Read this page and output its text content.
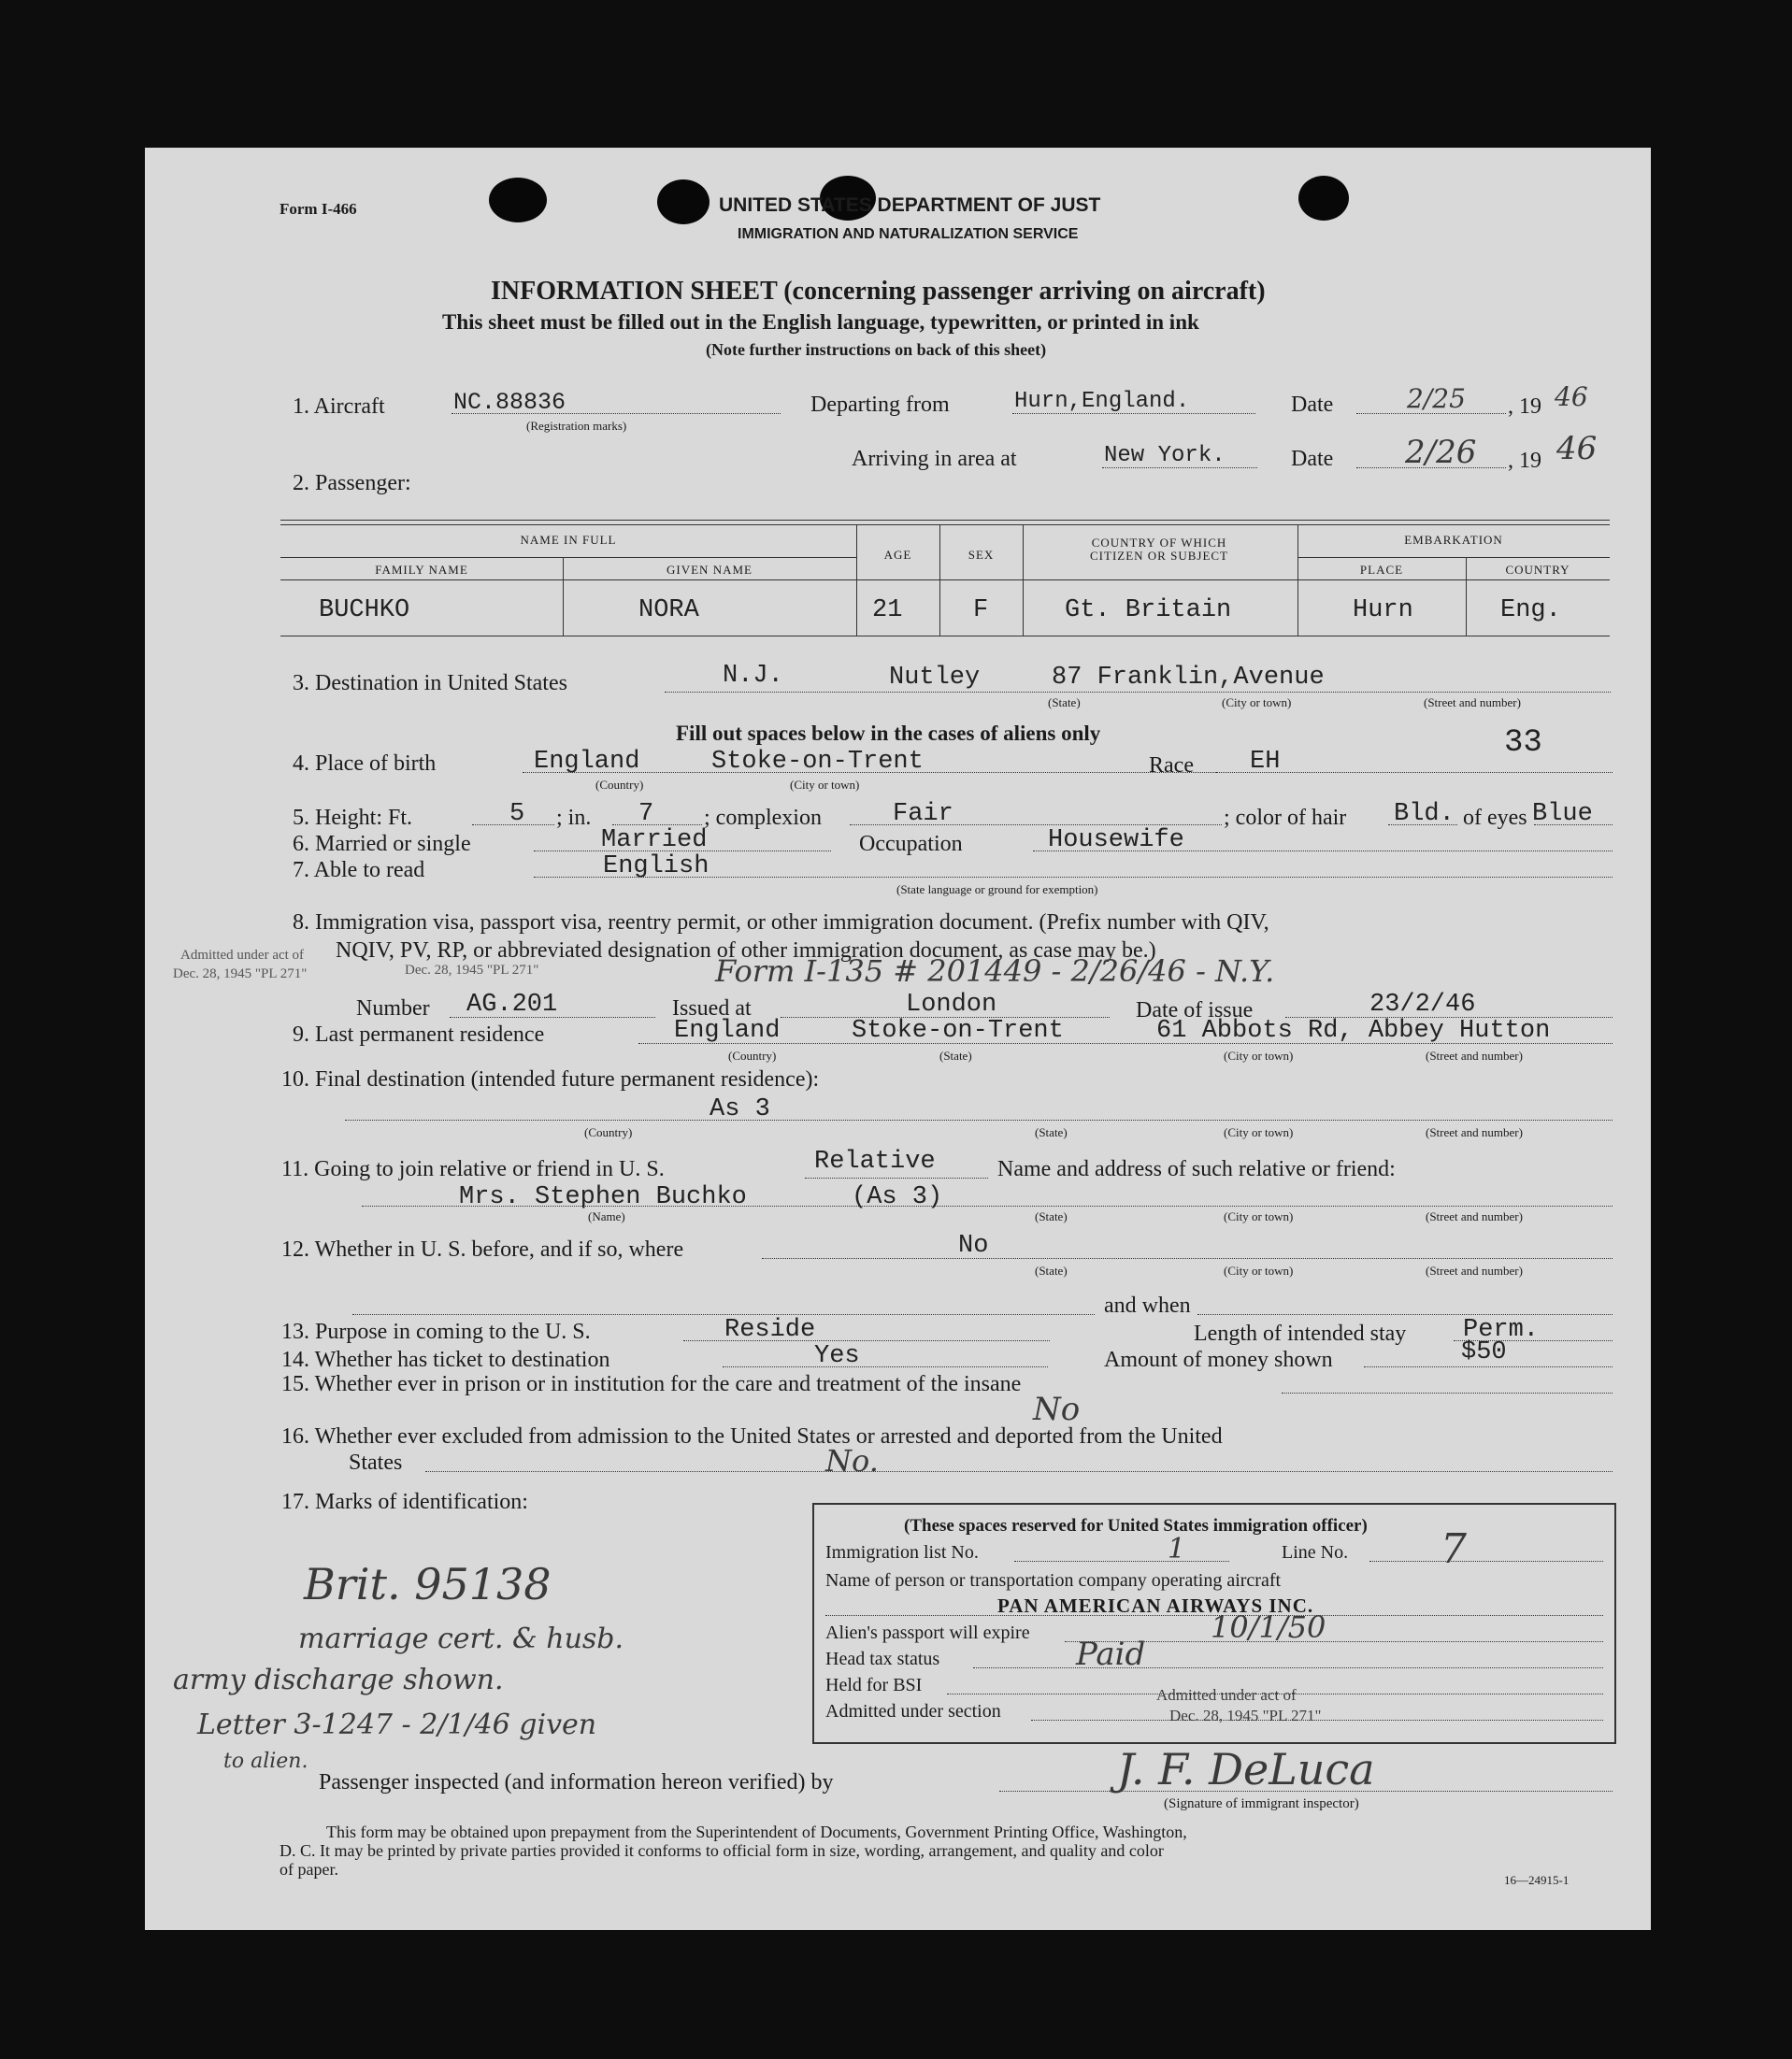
Form I-466	UNITED STATES DEPARTMENT OF JUST
IMMIGRATION AND NATURALIZATION SERVICE
INFORMATION SHEET (concerning passenger arriving on aircraft)
This sheet must be filled out in the English language, typewritten, or printed in ink
(Note further instructions on back of this sheet)
1. Aircraft	NC.88836
(Registration marks)
Departing from	Hurn,England.	Date	2/25 , 19 46
Arriving in area at	New York.	Date 2/26 , 19 46
2. Passenger:
NAME IN FULL
FAMILY NAME	GIVEN NAME
AGE	SEX
COUNTRY OF WHICH CITIZEN OR SUBJECT
EMBARKATION
PLACE	COUNTRY
BUCHKO	NORA	21	F	Gt. Britain	Hurn	Eng.
3. Destination in United States	N.J.	Nutley	87 Franklin,Avenue
(State)	(City or town)	(Street and number)
Fill out spaces below in the cases of aliens only
4. Place of birth	England	Stoke-on-Trent
(Country)	(City or town)
Race EH
33
5. Height: Ft.	5 ; in. 7 ; complexion	Fair	; color of hair Bld. of eyes Blue
6. Married or single	Married	Occupation	Housewife
7. Able to read	English
(State language or ground for exemption)
8. Immigration visa, passport visa, reentry permit, or other immigration document. (Prefix number with QIV,
NQIV, PV, RP, or abbreviated designation of other immigration document, as case may be.)
Admitted under act of
Dec. 28, 1945 "PL 271"	Dec. 28, 1945 "PL 271"	Form I-135 # 201449 - 2/26/46 - N.Y.
Number AG.201	Issued at	London	Date of issue	23/2/46
9. Last permanent residence	England	Stoke-on-Trent	61 Abbots Rd, Abbey Hutton
(Country)	(State)	(City or town)	(Street and number)
10. Final destination (intended future permanent residence):
As 3
(Country)	(State)	(City or town)	(Street and number)
11. Going to join relative or friend in U. S.	Relative	Name and address of such relative or friend:
Mrs. Stephen Buchko	(As 3)
(Name)	(State)	(City or town)	(Street and number)
12. Whether in U. S. before, and if so, where	No
(State)	(City or town)	(Street and number)
and when
13. Purpose in coming to the U. S.	Reside	Length of intended stay Perm.
14. Whether has ticket to destination	Yes	Amount of money shown	$50
15. Whether ever in prison or in institution for the care and treatment of the insane
No
16. Whether ever excluded from admission to the United States or arrested and deported from the United
States	No.
17. Marks of identification:
Brit. 95138
marriage cert. & husb.
army discharge shown.
Letter 3-1247 - 2/1/46 given
to alien.
(These spaces reserved for United States immigration officer)
Immigration list No.	1	Line No. 7
Name of person or transportation company operating aircraft
PAN AMERICAN AIRWAYS INC.
Alien's passport will expire	10/1/50
Head tax status	Paid
Held for BSI
Admitted under section
Admitted under act of
Dec. 28, 1945 "PL 271"
Passenger inspected (and information hereon verified) by	J. F. DeLuca
(Signature of immigrant inspector)
This form may be obtained upon prepayment from the Superintendent of Documents, Government Printing Office, Washington,
D. C. It may be printed by private parties provided it conforms to official form in size, wording, arrangement, and quality and color
of paper.
16—24915-1
